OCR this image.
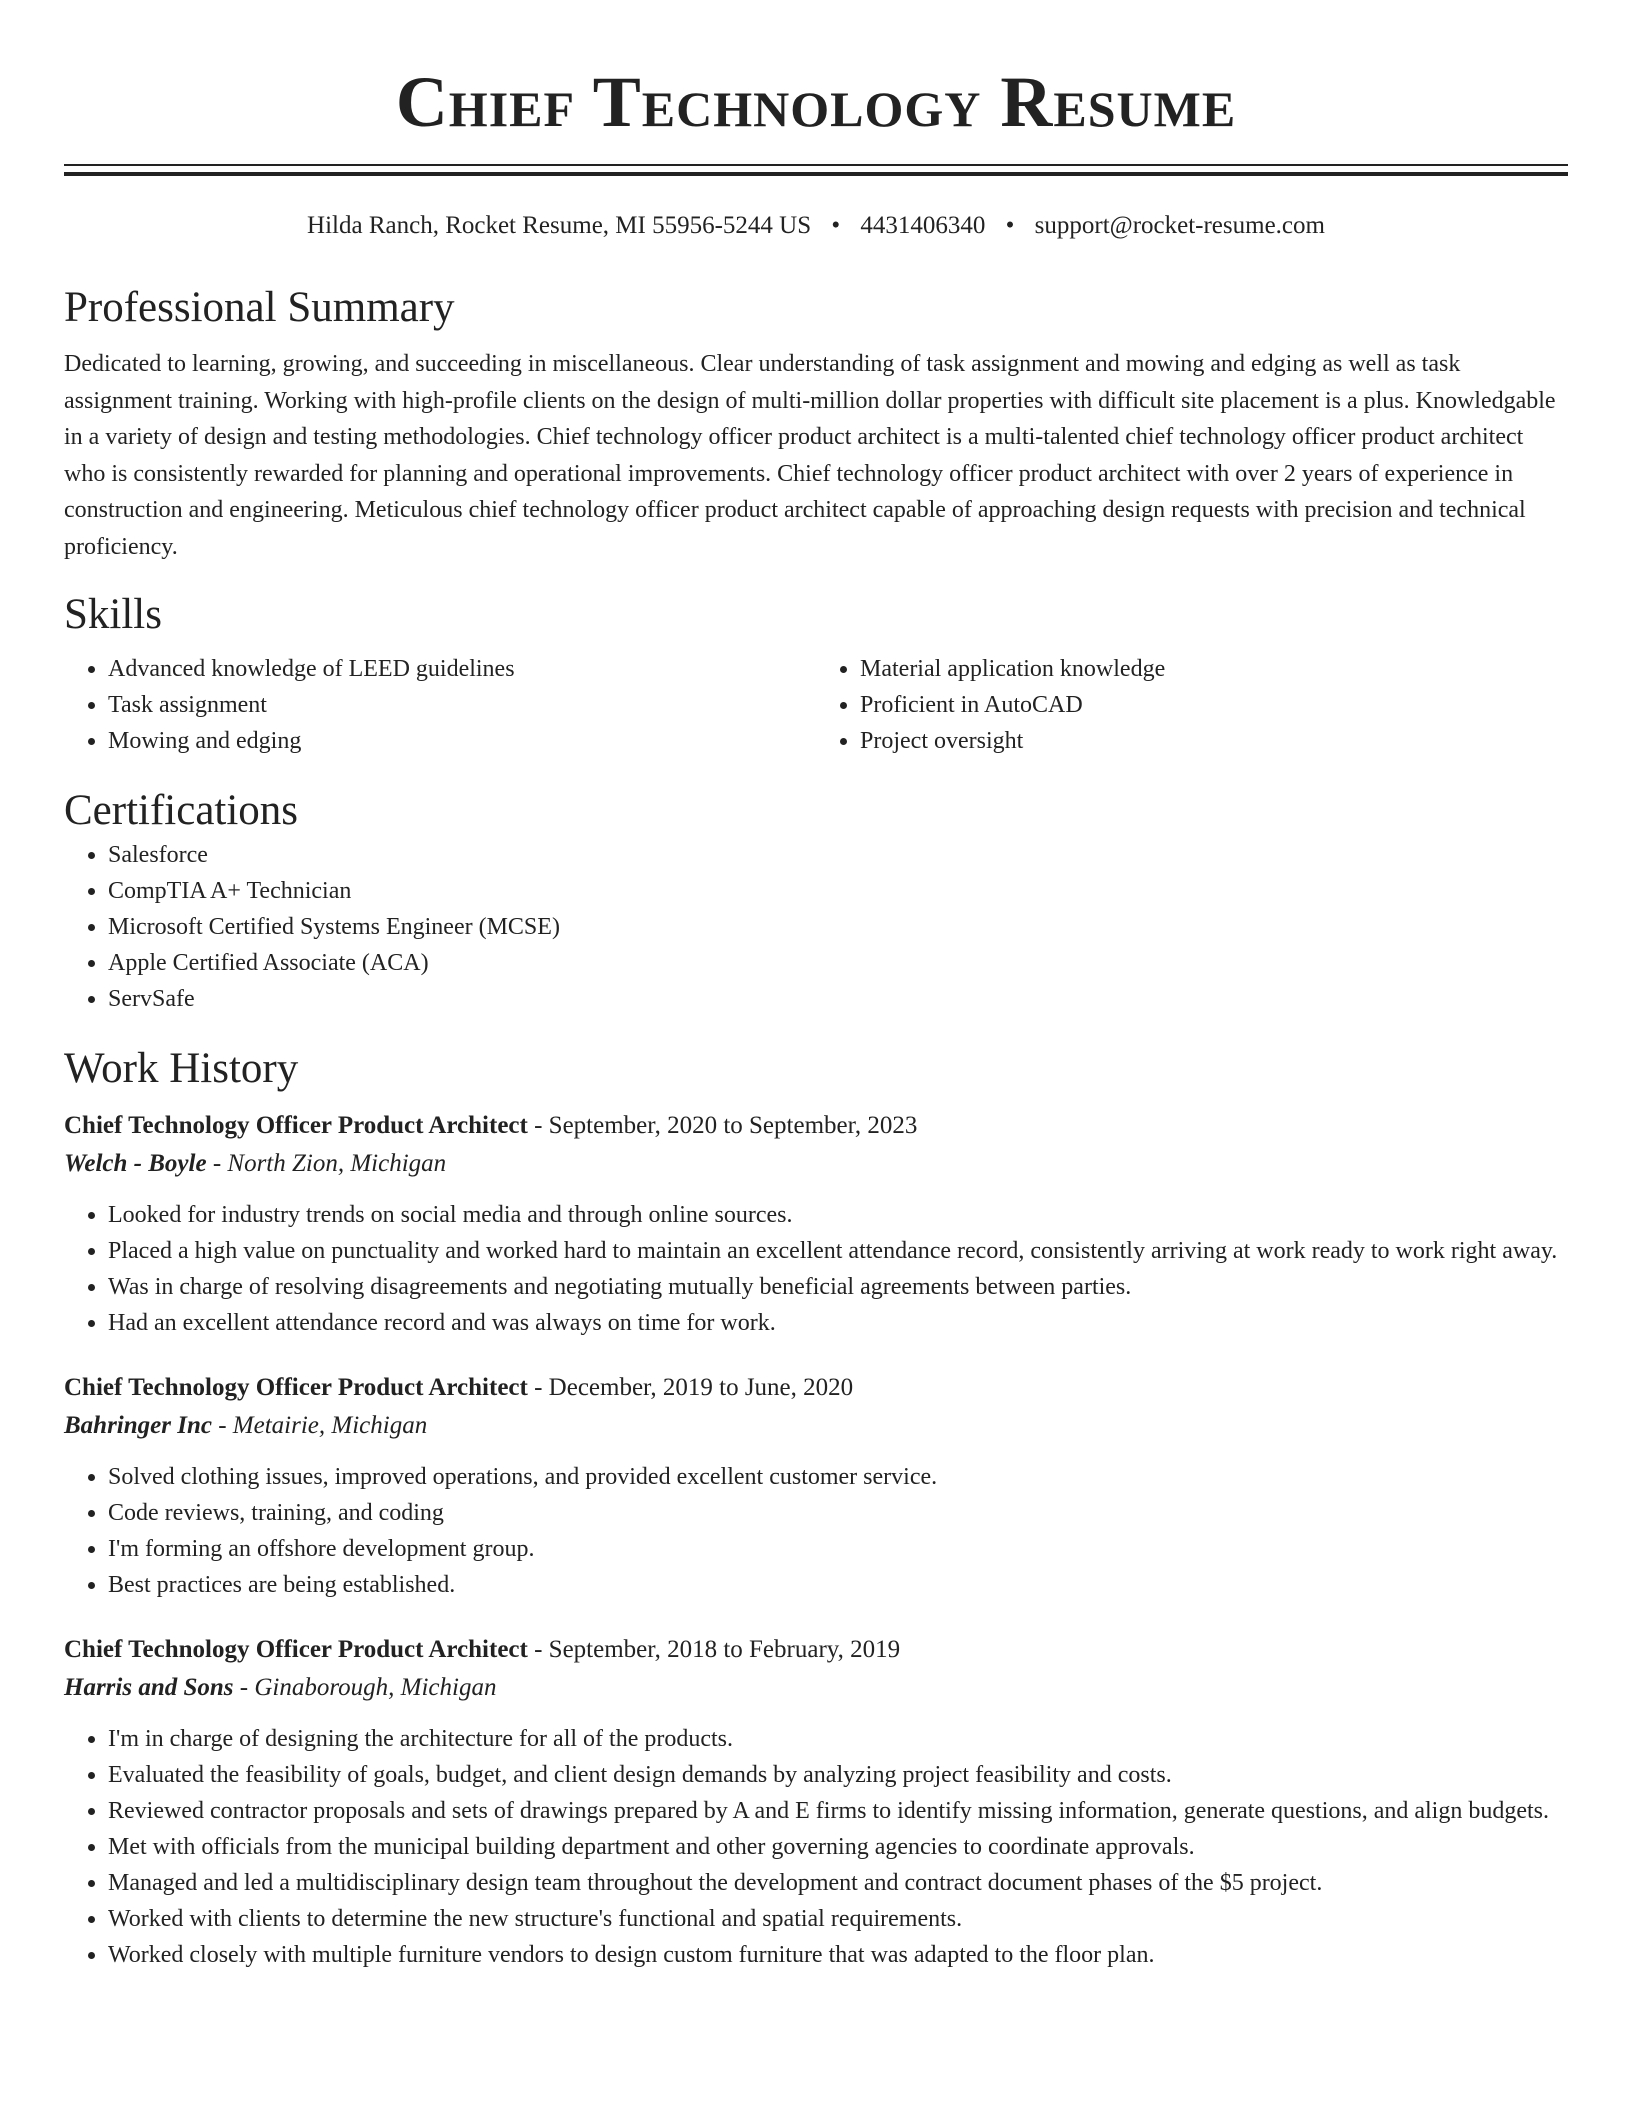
Chief Technology Resume
Hilda Ranch, Rocket Resume, MI 55956-5244 US • 4431406340 • support@rocket-resume.com
Professional Summary

Dedicated to learning, growing, and succeeding in miscellaneous. Clear understanding of task assignment and mowing and edging as well as task assignment training. Working with high-profile clients on the design of multi-million dollar properties with difficult site placement is a plus. Knowledgable in a variety of design and testing methodologies. Chief technology officer product architect is a multi-talented chief technology officer product architect who is consistently rewarded for planning and operational improvements. Chief technology officer product architect with over 2 years of experience in construction and engineering. Meticulous chief technology officer product architect capable of approaching design requests with precision and technical proficiency.

Skills
• Advanced knowledge of LEED guidelines
• Task assignment
• Mowing and edging
• Material application knowledge
• Proficient in AutoCAD
• Project oversight
Certifications
• Salesforce
• CompTIA A+ Technician
• Microsoft Certified Systems Engineer (MCSE)
• Apple Certified Associate (ACA)
• ServSafe
Work History
Chief Technology Officer Product Architect - September, 2020 to September, 2023
Welch - Boyle - North Zion, Michigan
• Looked for industry trends on social media and through online sources.
• Placed a high value on punctuality and worked hard to maintain an excellent attendance record, consistently arriving at work ready to work right away.
• Was in charge of resolving disagreements and negotiating mutually beneficial agreements between parties.
• Had an excellent attendance record and was always on time for work.
Chief Technology Officer Product Architect - December, 2019 to June, 2020
Bahringer Inc - Metairie, Michigan
• Solved clothing issues, improved operations, and provided excellent customer service.
• Code reviews, training, and coding
• I'm forming an offshore development group.
• Best practices are being established.
Chief Technology Officer Product Architect - September, 2018 to February, 2019
Harris and Sons - Ginaborough, Michigan
• I'm in charge of designing the architecture for all of the products.
• Evaluated the feasibility of goals, budget, and client design demands by analyzing project feasibility and costs.
• Reviewed contractor proposals and sets of drawings prepared by A and E firms to identify missing information, generate questions, and align budgets.
• Met with officials from the municipal building department and other governing agencies to coordinate approvals.
• Managed and led a multidisciplinary design team throughout the development and contract document phases of the $5 project.
• Worked with clients to determine the new structure's functional and spatial requirements.
• Worked closely with multiple furniture vendors to design custom furniture that was adapted to the floor plan.
